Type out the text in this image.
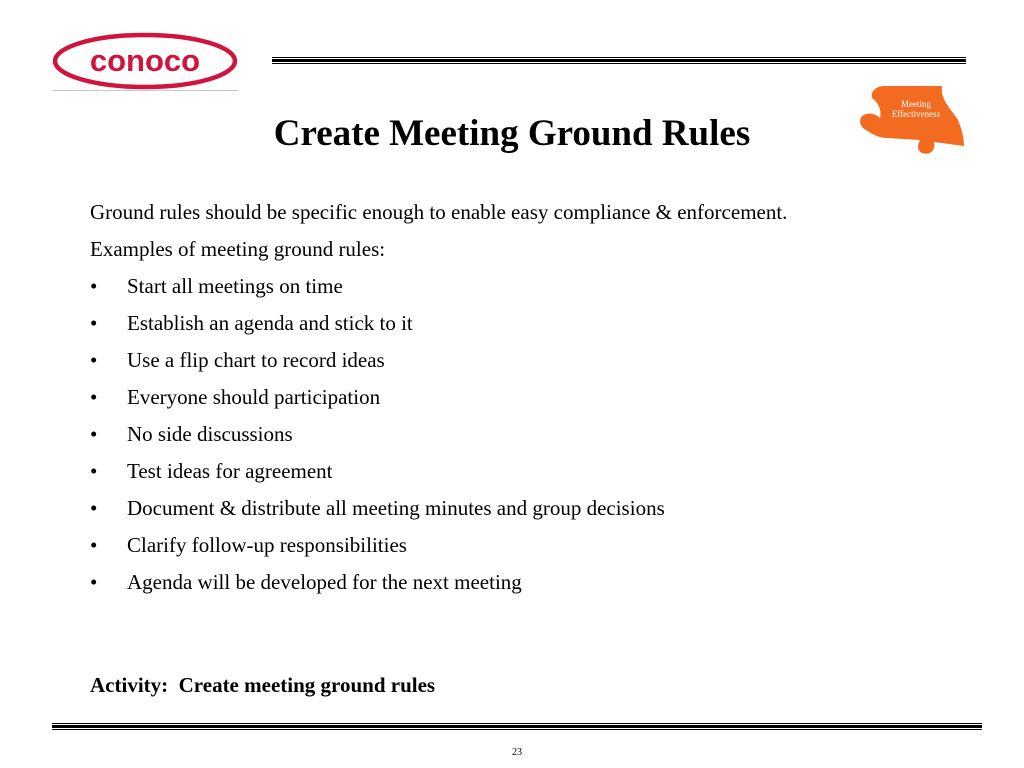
conoco
Meeting
Effectiveness
Create Meeting Ground Rules

Ground rules should be specific enough to enable easy compliance & enforcement.

Examples of meeting ground rules:

• Start all meetings on time
• Establish an agenda and stick to it
• Use a flip chart to record ideas
• Everyone should participation
• No side discussions
• Test ideas for agreement
• Document & distribute all meeting minutes and group decisions
• Clarify follow-up responsibilities
• Agenda will be developed for the next meeting
Activity:  Create meeting ground rules
23
